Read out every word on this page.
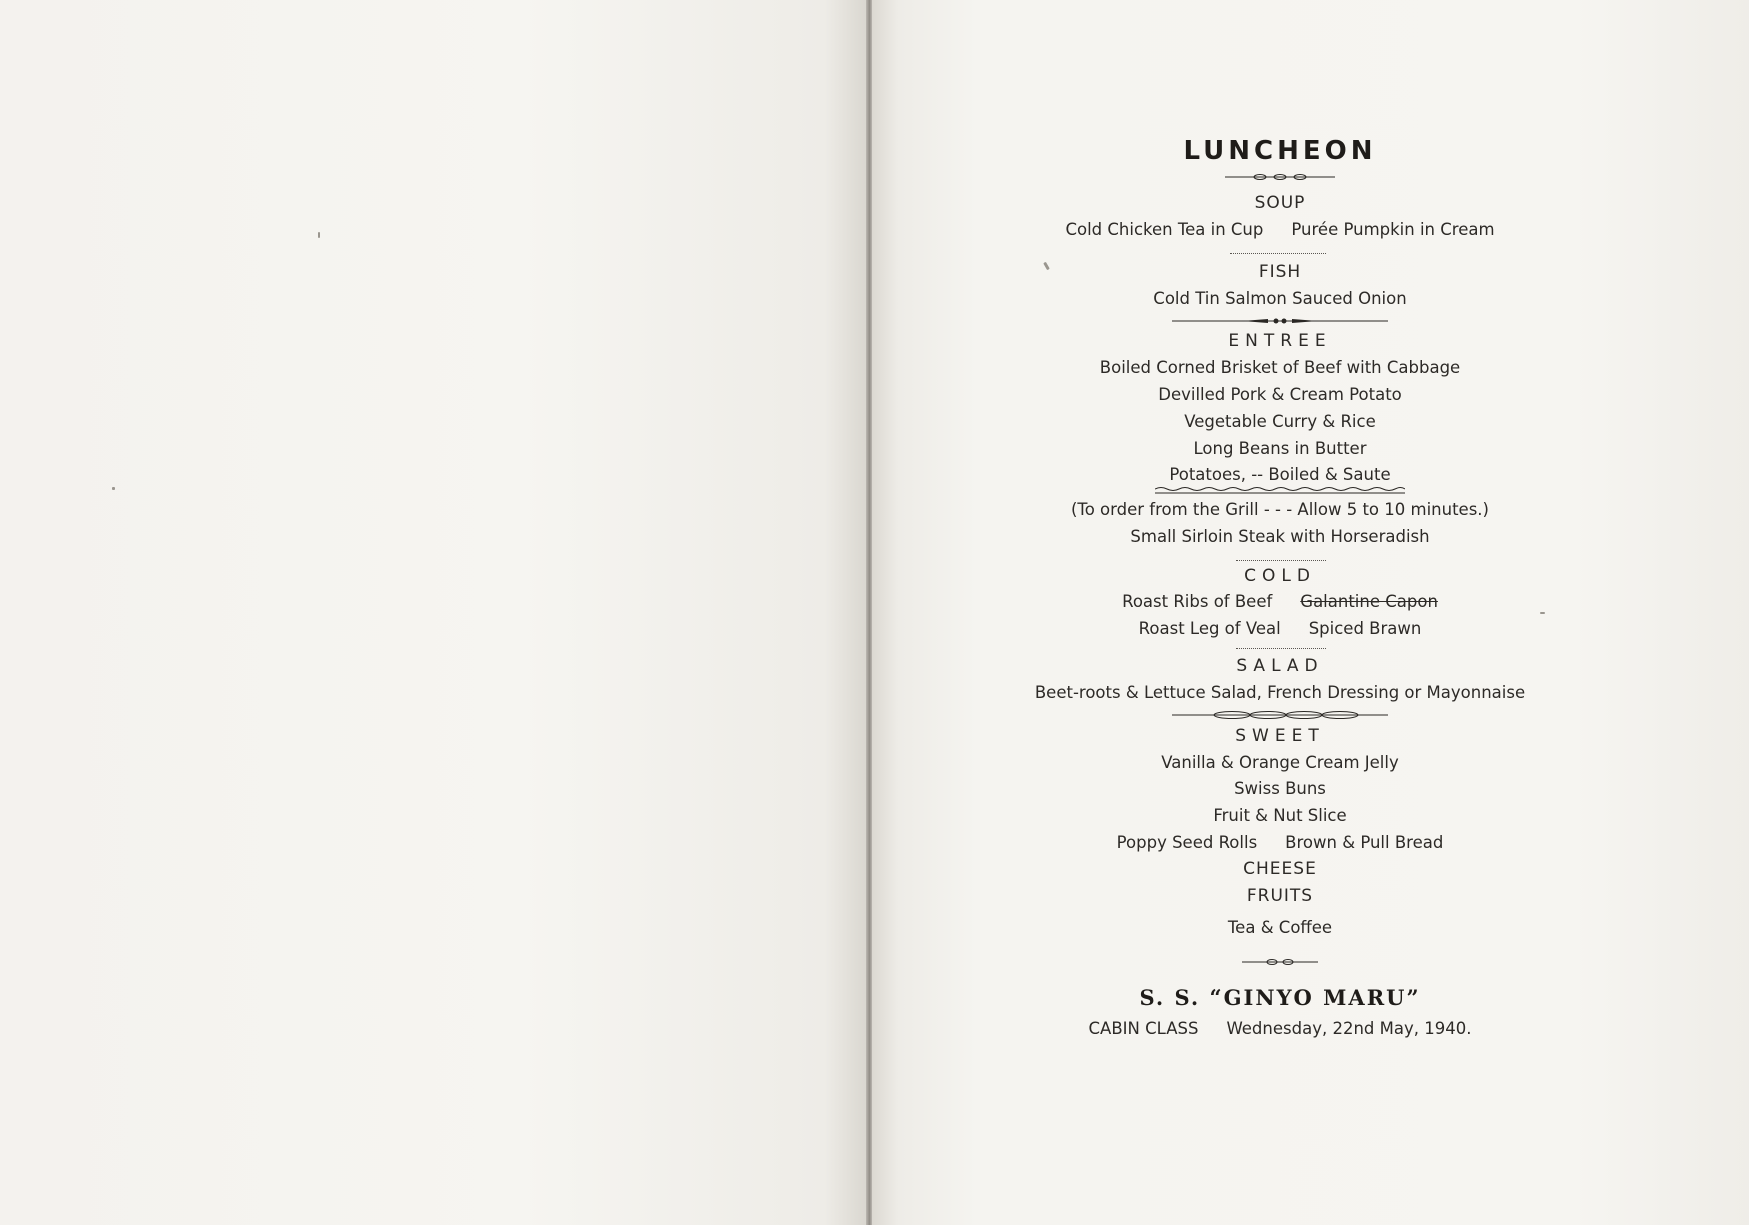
LUNCHEON
SOUP
Cold Chicken Tea in Cup Purée Pumpkin in Cream
FISH
Cold Tin Salmon Sauced Onion
ENTREE
Boiled Corned Brisket of Beef with Cabbage
Devilled Pork & Cream Potato
Vegetable Curry & Rice
Long Beans in Butter
Potatoes, -- Boiled & Saute
(To order from the Grill - - - Allow 5 to 10 minutes.)
Small Sirloin Steak with Horseradish
COLD
Roast Ribs of Beef Galantine Capon
Roast Leg of Veal Spiced Brawn
SALAD
Beet-roots & Lettuce Salad, French Dressing or Mayonnaise
SWEET
Vanilla & Orange Cream Jelly
Swiss Buns
Fruit & Nut Slice
Poppy Seed Rolls Brown & Pull Bread
CHEESE
FRUITS
Tea & Coffee
S. S. “GINYO MARU”
CABIN CLASS Wednesday, 22nd May, 1940.
